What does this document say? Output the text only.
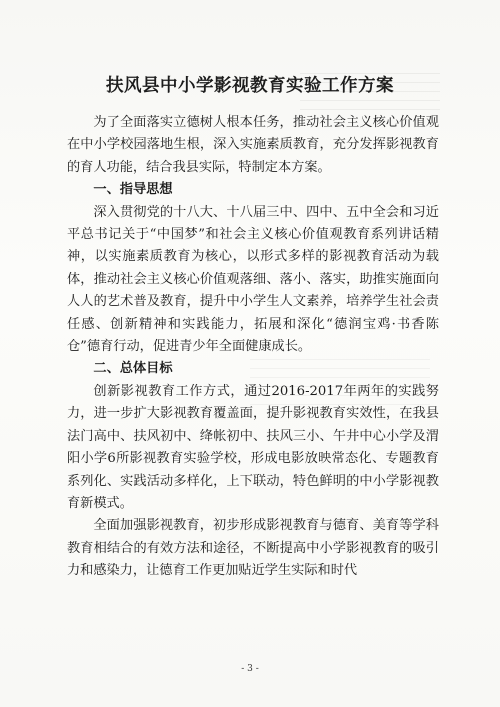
扶风县中小学影视教育实验工作方案

为了全面落实立德树人根本任务，推动社会主义核心价值观在中小学校园落地生根，深入实施素质教育，充分发挥影视教育的育人功能，结合我县实际，特制定本方案。

一、指导思想

深入贯彻党的十八大、十八届三中、四中、五中全会和习近平总书记关于“中国梦”和社会主义核心价值观教育系列讲话精神，以实施素质教育为核心，以形式多样的影视教育活动为载体，推动社会主义核心价值观落细、落小、落实，助推实施面向人人的艺术普及教育，提升中小学生人文素养，培养学生社会责任感、创新精神和实践能力，拓展和深化“德润宝鸡·书香陈仓”德育行动，促进青少年全面健康成长。

二、总体目标

创新影视教育工作方式，通过2016-2017年两年的实践努力，进一步扩大影视教育覆盖面，提升影视教育实效性，在我县法门高中、扶风初中、绛帐初中、扶风三小、午井中心小学及渭阳小学6所影视教育实验学校，形成电影放映常态化、专题教育系列化、实践活动多样化，上下联动，特色鲜明的中小学影视教育新模式。

全面加强影视教育，初步形成影视教育与德育、美育等学科教育相结合的有效方法和途径，不断提高中小学影视教育的吸引力和感染力，让德育工作更加贴近学生实际和时代

- 3 -
